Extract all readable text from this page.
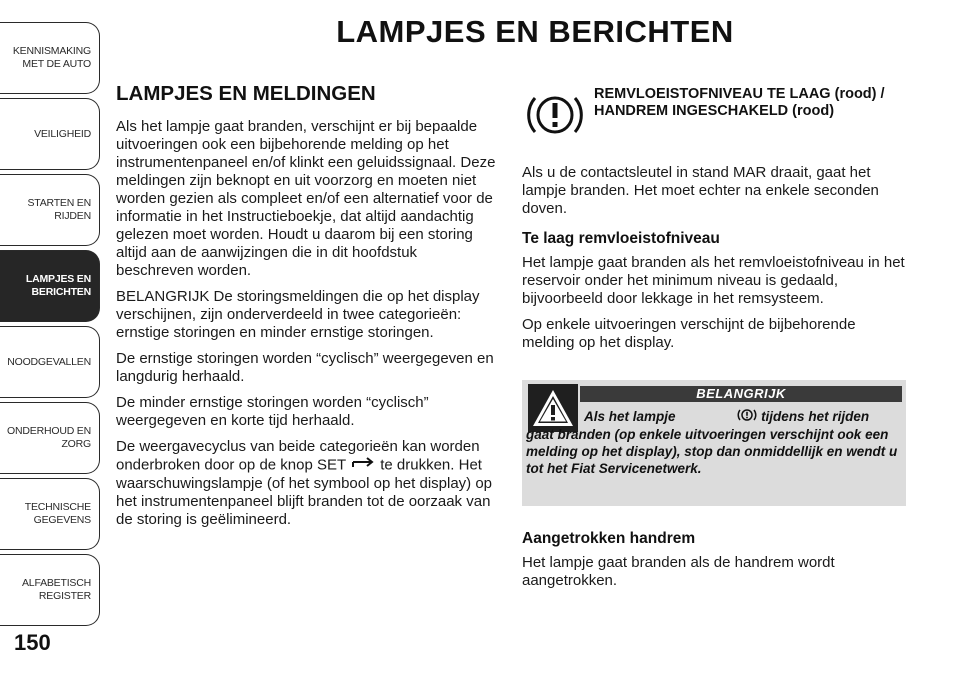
KENNISMAKING
MET DE AUTO
VEILIGHEID
STARTEN EN RIJDEN
LAMPJES EN
BERICHTEN
NOODGEVALLEN
ONDERHOUD EN
ZORG
TECHNISCHE
GEGEVENS
ALFABETISCH
REGISTER
150
LAMPJES EN BERICHTEN
LAMPJES EN MELDINGEN

Als het lampje gaat branden, verschijnt er bij bepaalde uitvoeringen ook een bijbehorende melding op het instrumentenpaneel en/of klinkt een geluidssignaal. Deze meldingen zijn beknopt en uit voorzorg en moeten niet worden gezien als compleet en/of een alternatief voor de informatie in het Instructieboekje, dat altijd aandachtig gelezen moet worden. Houdt u daarom bij een storing altijd aan de aanwijzingen die in dit hoofdstuk beschreven worden.

BELANGRIJK De storingsmeldingen die op het display verschijnen, zijn onderverdeeld in twee categorieën: ernstige storingen en minder ernstige storingen.

De ernstige storingen worden “cyclisch” weergegeven en langdurig herhaald.

De minder ernstige storingen worden “cyclisch” weergegeven en korte tijd herhaald.

De weergavecyclus van beide categorieën kan worden onderbroken door op de knop SET te drukken. Het waarschuwingslampje (of het symbool op het display) op het instrumentenpaneel blijft branden tot de oorzaak van de storing is geëlimineerd.

REMVLOEISTOFNIVEAU TE LAAG (rood) / HANDREM INGESCHAKELD (rood)

Als u de contactsleutel in stand MAR draait, gaat het lampje branden. Het moet echter na enkele seconden doven.

Te laag remvloeistofniveau

Het lampje gaat branden als het remvloeistofniveau in het reservoir onder het minimum niveau is gedaald, bijvoorbeeld door lekkage in het remsysteem.

Op enkele uitvoeringen verschijnt de bijbehorende melding op het display.

BELANGRIJK
Als het lampje	tijdens het rijden gaat branden (op enkele uitvoeringen verschijnt ook een melding op het display), stop dan onmiddellijk en wendt u tot het Fiat Servicenetwerk.
Aangetrokken handrem

Het lampje gaat branden als de handrem wordt aangetrokken.
